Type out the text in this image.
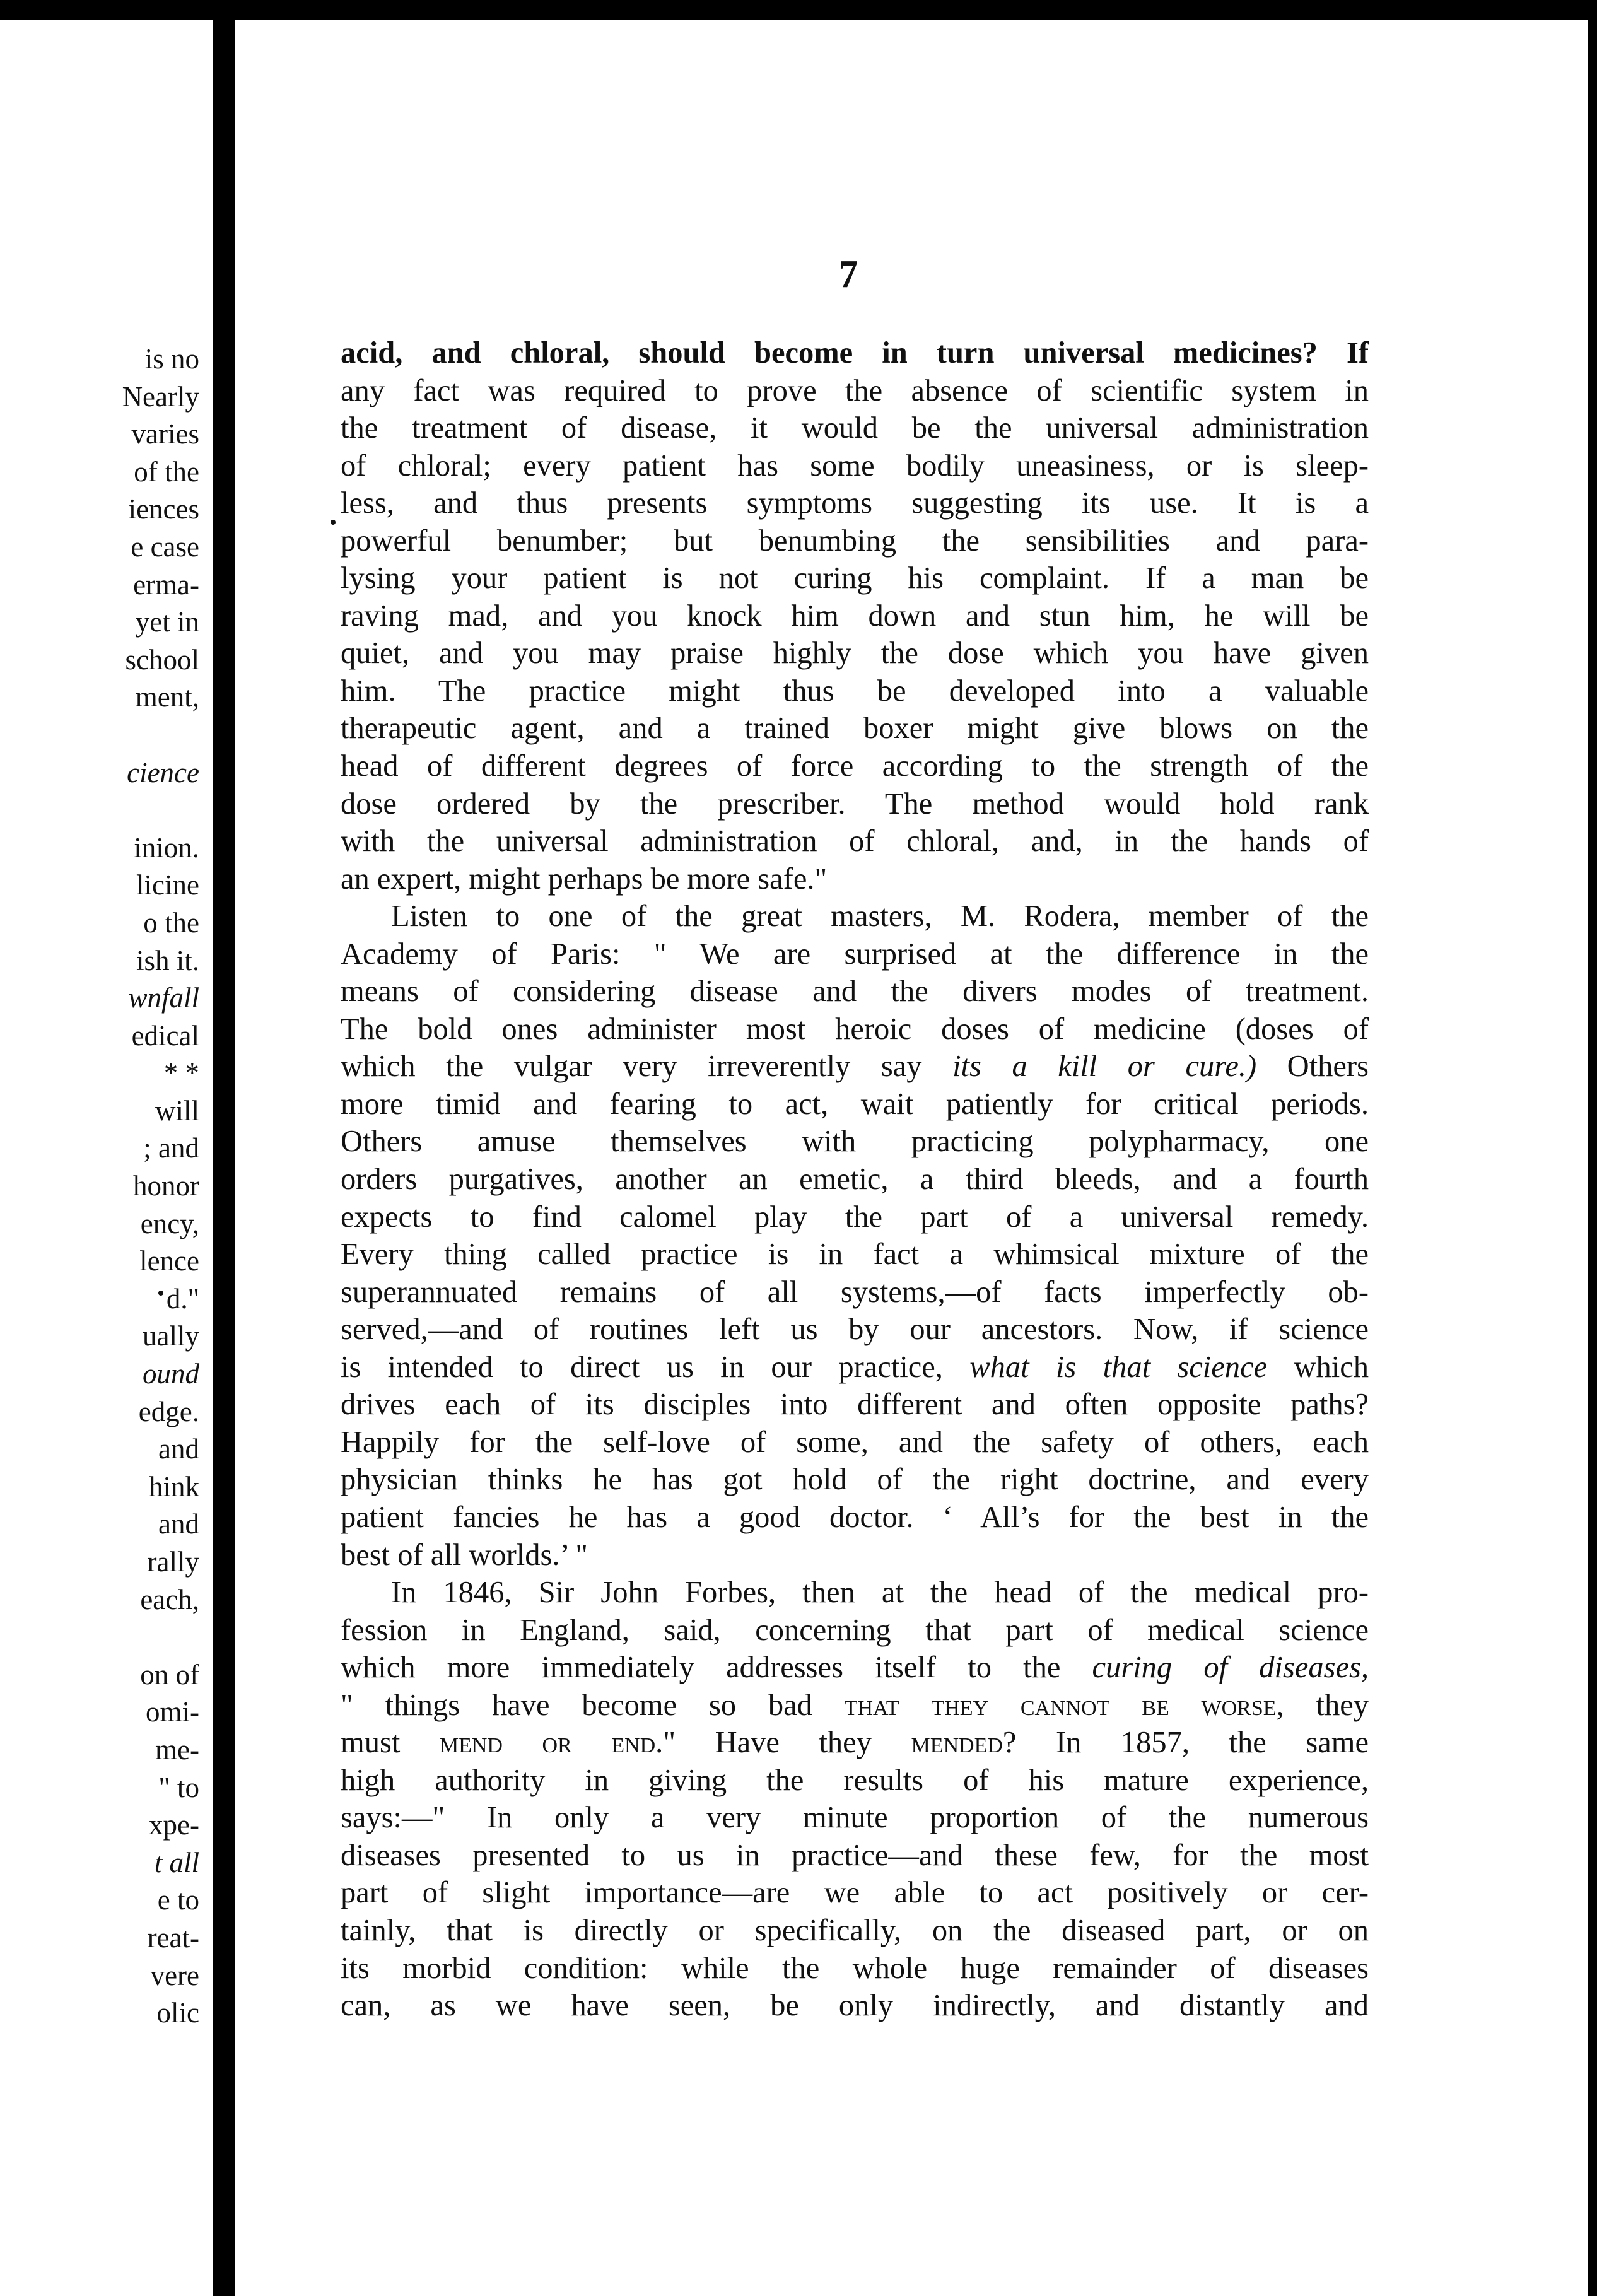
is no
Nearly
varies
of the
iences
e case
erma-
yet in
school
ment,
cience
inion.
licine
o the
ish it.
wnfall
edical
* *
will
; and
honor
ency,
lence
d."
ually
ound
edge.
and
hink
and
rally
each,
on of
omi-
me-
" to
xpe-
t all
e to
reat-
vere
olic
7
acid, and chloral, should become in turn universal medicines? If
any fact was required to prove the absence of scientific system in
the treatment of disease, it would be the universal administration
of chloral; every patient has some bodily uneasiness, or is sleep-
less, and thus presents symptoms suggesting its use. It is a
powerful benumber; but benumbing the sensibilities and para-
lysing your patient is not curing his complaint. If a man be
raving mad, and you knock him down and stun him, he will be
quiet, and you may praise highly the dose which you have given
him. The practice might thus be developed into a valuable
therapeutic agent, and a trained boxer might give blows on the
head of different degrees of force according to the strength of the
dose ordered by the prescriber. The method would hold rank
with the universal administration of chloral, and, in the hands of
an expert, might perhaps be more safe."
Listen to one of the great masters, M. Rodera, member of the
Academy of Paris: " We are surprised at the difference in the
means of considering disease and the divers modes of treatment.
The bold ones administer most heroic doses of medicine (doses of
which the vulgar very irreverently say its a kill or cure.) Others
more timid and fearing to act, wait patiently for critical periods.
Others amuse themselves with practicing polypharmacy, one
orders purgatives, another an emetic, a third bleeds, and a fourth
expects to find calomel play the part of a universal remedy.
Every thing called practice is in fact a whimsical mixture of the
superannuated remains of all systems,—of facts imperfectly ob-
served,—and of routines left us by our ancestors. Now, if science
is intended to direct us in our practice, what is that science which
drives each of its disciples into different and often opposite paths?
Happily for the self-love of some, and the safety of others, each
physician thinks he has got hold of the right doctrine, and every
patient fancies he has a good doctor. ‘ All’s for the best in the
best of all worlds.’ "
In 1846, Sir John Forbes, then at the head of the medical pro-
fession in England, said, concerning that part of medical science
which more immediately addresses itself to the curing of diseases,
" things have become so bad that they cannot be worse, they
must mend or end." Have they mended? In 1857, the same
high authority in giving the results of his mature experience,
says:—" In only a very minute proportion of the numerous
diseases presented to us in practice—and these few, for the most
part of slight importance—are we able to act positively or cer-
tainly, that is directly or specifically, on the diseased part, or on
its morbid condition: while the whole huge remainder of diseases
can, as we have seen, be only indirectly, and distantly and
